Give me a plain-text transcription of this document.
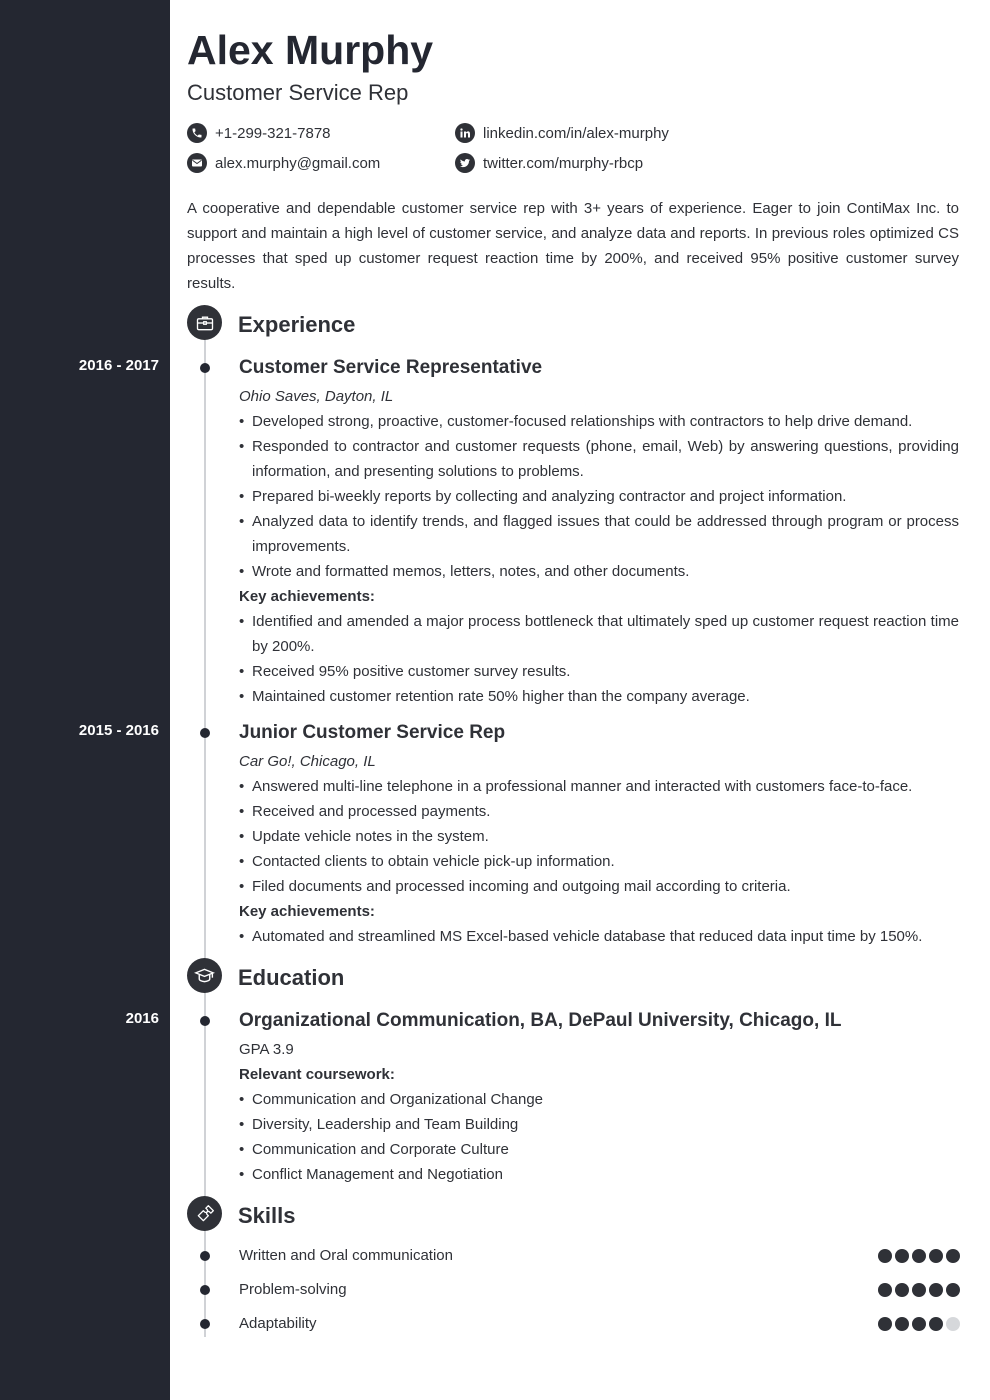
Alex Murphy
Customer Service Rep
+1-299-321-7878
alex.murphy@gmail.com
linkedin.com/in/alex-murphy
twitter.com/murphy-rbcp

A cooperative and dependable customer service rep with 3+ years of experience. Eager to join ContiMax Inc. to support and maintain a high level of customer service, and analyze data and reports. In previous roles optimized CS processes that sped up customer request reaction time by 200%, and received 95% positive customer survey results.

Experience
2016 - 2017	Customer Service Representative
Ohio Saves, Dayton, IL
• Developed strong, proactive, customer-focused relationships with contractors to help drive demand.
• Responded to contractor and customer requests (phone, email, Web) by answering questions, providing information, and presenting solutions to problems.
• Prepared bi-weekly reports by collecting and analyzing contractor and project information.
• Analyzed data to identify trends, and flagged issues that could be addressed through program or process improvements.
• Wrote and formatted memos, letters, notes, and other documents.
Key achievements:
• Identified and amended a major process bottleneck that ultimately sped up customer request reaction time by 200%.
• Received 95% positive customer survey results.
• Maintained customer retention rate 50% higher than the company average.
2015 - 2016	Junior Customer Service Rep
Car Go!, Chicago, IL
• Answered multi-line telephone in a professional manner and interacted with customers face-to-face.
• Received and processed payments.
• Update vehicle notes in the system.
• Contacted clients to obtain vehicle pick-up information.
• Filed documents and processed incoming and outgoing mail according to criteria.
Key achievements:
• Automated and streamlined MS Excel-based vehicle database that reduced data input time by 150%.
Education
2016	Organizational Communication, BA, DePaul University, Chicago, IL
GPA 3.9
Relevant coursework:
• Communication and Organizational Change
• Diversity, Leadership and Team Building
• Communication and Corporate Culture
• Conflict Management and Negotiation
Skills
Written and Oral communication
Problem-solving
Adaptability
